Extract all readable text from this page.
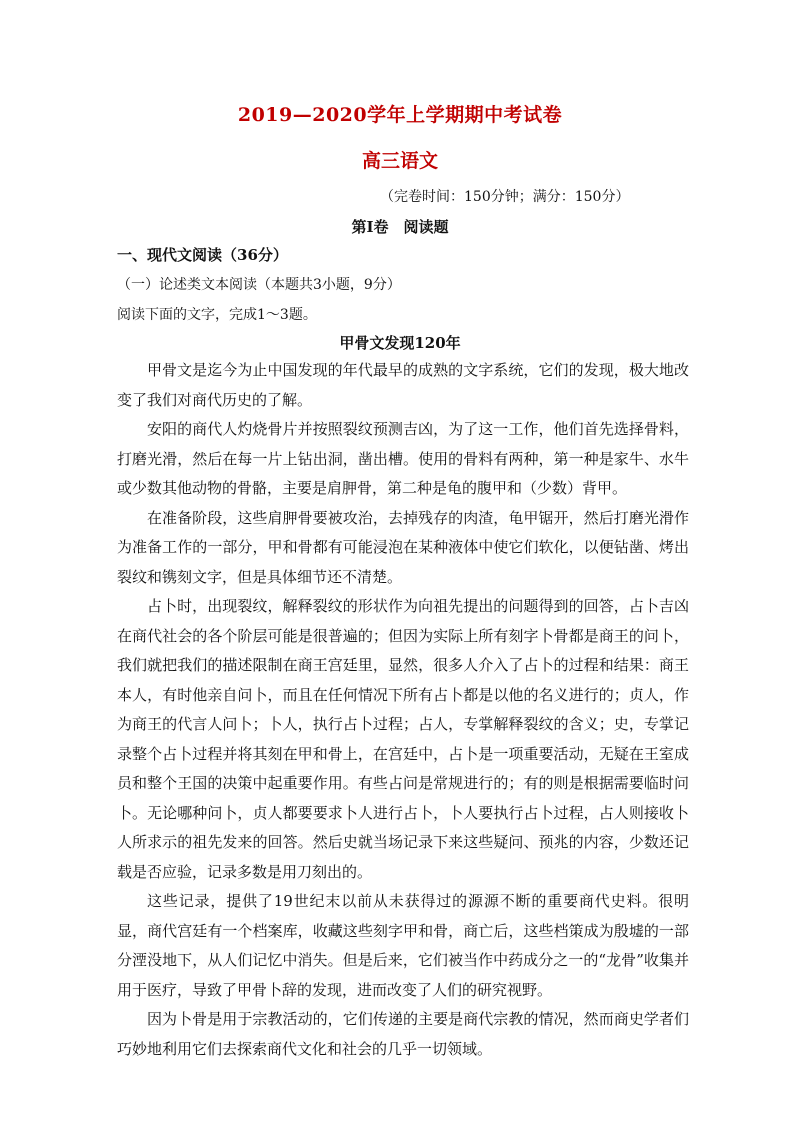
2019—2020学年上学期期中考试卷
高三语文
（完卷时间：150分钟；满分：150分）
第Ⅰ卷　阅读题
一、现代文阅读（36分）
（一）论述类文本阅读（本题共3小题，9分）
阅读下面的文字，完成1～3题。
甲骨文发现120年

甲骨文是迄今为止中国发现的年代最早的成熟的文字系统，它们的发现，极大地改变了我们对商代历史的了解。

安阳的商代人灼烧骨片并按照裂纹预测吉凶，为了这一工作，他们首先选择骨料，打磨光滑，然后在每一片上钻出洞，凿出槽。使用的骨料有两种，第一种是家牛、水牛或少数其他动物的骨骼，主要是肩胛骨，第二种是龟的腹甲和（少数）背甲。

在准备阶段，这些肩胛骨要被攻治，去掉残存的肉渣，龟甲锯开，然后打磨光滑作为准备工作的一部分，甲和骨都有可能浸泡在某种液体中使它们软化，以便钻凿、烤出裂纹和镌刻文字，但是具体细节还不清楚。

占卜时，出现裂纹，解释裂纹的形状作为向祖先提出的问题得到的回答，占卜吉凶在商代社会的各个阶层可能是很普遍的；但因为实际上所有刻字卜骨都是商王的问卜，我们就把我们的描述限制在商王宫廷里，显然，很多人介入了占卜的过程和结果：商王本人，有时他亲自问卜，而且在任何情况下所有占卜都是以他的名义进行的；贞人，作为商王的代言人问卜；卜人，执行占卜过程；占人，专掌解释裂纹的含义；史，专掌记录整个占卜过程并将其刻在甲和骨上，在宫廷中，占卜是一项重要活动，无疑在王室成员和整个王国的决策中起重要作用。有些占问是常规进行的；有的则是根据需要临时问卜。无论哪种问卜，贞人都要要求卜人进行占卜，卜人要执行占卜过程，占人则接收卜人所求示的祖先发来的回答。然后史就当场记录下来这些疑问、预兆的内容，少数还记载是否应验，记录多数是用刀刻出的。

这些记录，提供了19世纪末以前从未获得过的源源不断的重要商代史料。很明显，商代宫廷有一个档案库，收藏这些刻字甲和骨，商亡后，这些档策成为殷墟的一部分湮没地下，从人们记忆中消失。但是后来，它们被当作中药成分之一的“龙骨”收集并用于医疗，导致了甲骨卜辞的发现，进而改变了人们的研究视野。

因为卜骨是用于宗教活动的，它们传递的主要是商代宗教的情况，然而商史学者们巧妙地利用它们去探索商代文化和社会的几乎一切领域。
